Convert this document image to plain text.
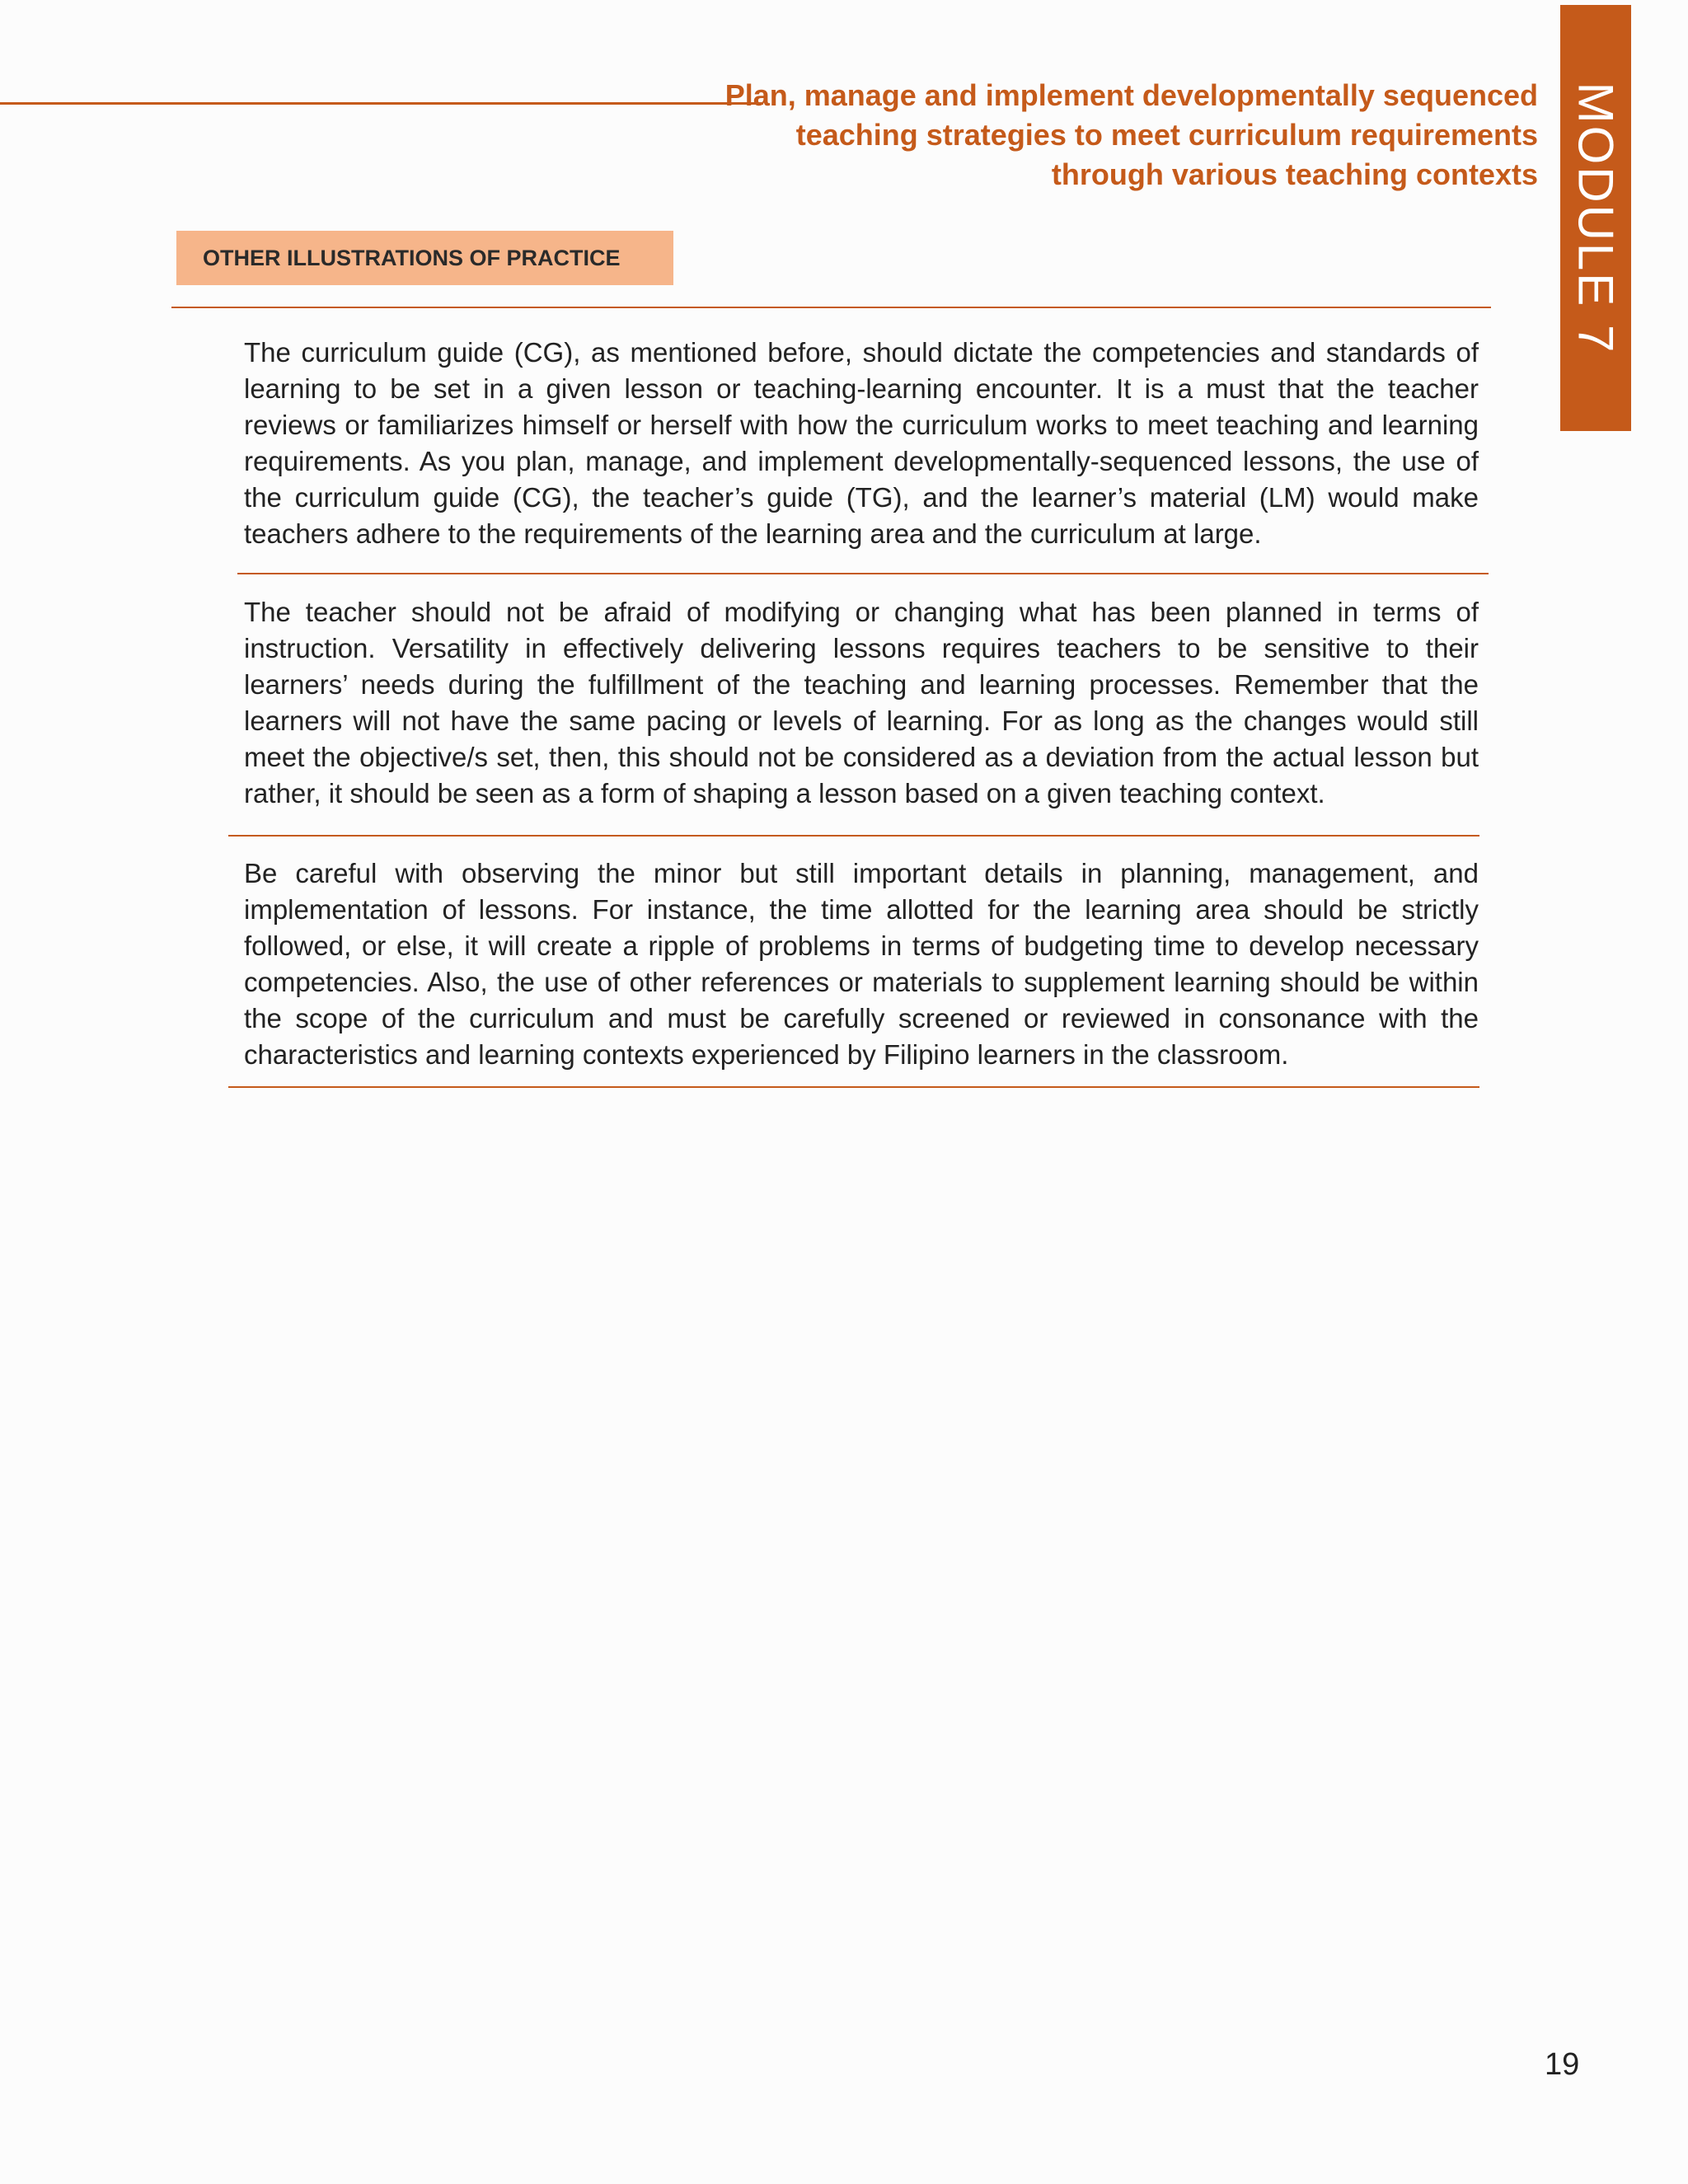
Plan, manage and implement developmentally sequenced
teaching strategies to meet curriculum requirements
through various teaching contexts MODULE 7
OTHER ILLUSTRATIONS OF PRACTICE

The curriculum guide (CG), as mentioned before, should dictate the competencies and standards of learning to be set in a given lesson or teaching-learning encounter. It is a must that the teacher reviews or familiarizes himself or herself with how the curriculum works to meet teaching and learning requirements. As you plan, manage, and implement developmentally-sequenced lessons, the use of the curriculum guide (CG), the teacher’s guide (TG), and the learner’s material (LM) would make teachers adhere to the requirements of the learning area and the curriculum at large.

The teacher should not be afraid of modifying or changing what has been planned in terms of instruction. Versatility in effectively delivering lessons requires teachers to be sensitive to their learners’ needs during the fulfillment of the teaching and learning processes. Remember that the learners will not have the same pacing or levels of learning. For as long as the changes would still meet the objective/s set, then, this should not be considered as a deviation from the actual lesson but rather, it should be seen as a form of shaping a lesson based on a given teaching context.

Be careful with observing the minor but still important details in planning, management, and implementation of lessons. For instance, the time allotted for the learning area should be strictly followed, or else, it will create a ripple of problems in terms of budgeting time to develop necessary competencies. Also, the use of other references or materials to supplement learning should be within the scope of the curriculum and must be carefully screened or reviewed in consonance with the characteristics and learning contexts experienced by Filipino learners in the classroom.

19
